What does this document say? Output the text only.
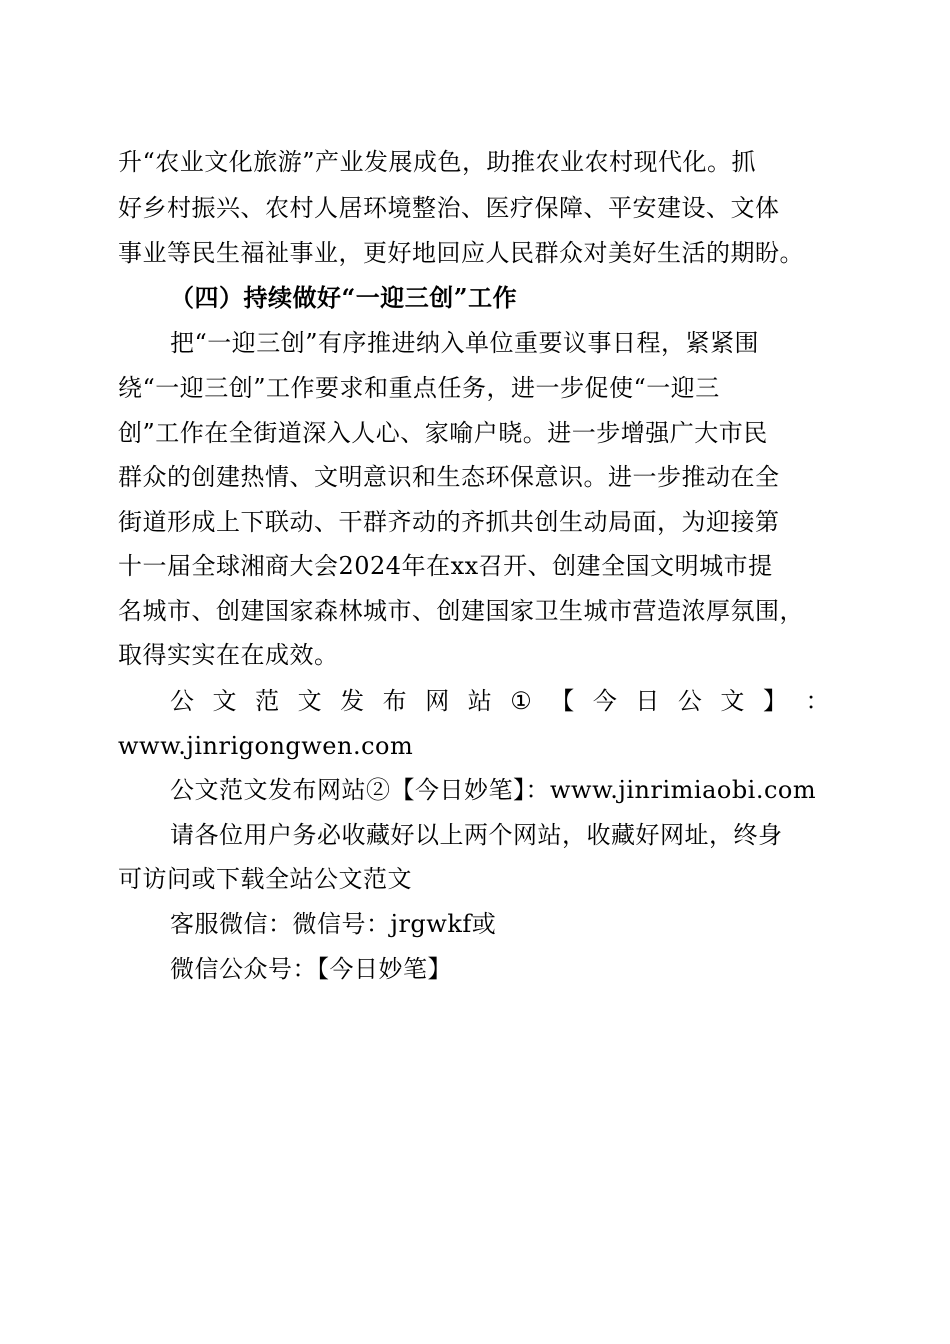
升“农业文化旅游”产业发展成色，助推农业农村现代化。抓
好乡村振兴、农村人居环境整治、医疗保障、平安建设、文体
事业等民生福祉事业，更好地回应人民群众对美好生活的期盼。
（四）持续做好“一迎三创”工作
把“一迎三创”有序推进纳入单位重要议事日程，紧紧围
绕“一迎三创”工作要求和重点任务，进一步促使“一迎三
创”工作在全街道深入人心、家喻户晓。进一步增强广大市民
群众的创建热情、文明意识和生态环保意识。进一步推动在全
街道形成上下联动、干群齐动的齐抓共创生动局面，为迎接第
十一届全球湘商大会2024年在xx召开、创建全国文明城市提
名城市、创建国家森林城市、创建国家卫生城市营造浓厚氛围，
取得实实在在成效。
公 文 范 文 发 布 网 站 ① 【 今 日 公 文 】 ：
www.jinrigongwen.com
公文范文发布网站②【今日妙笔】：www.jinrimiaobi.com
请各位用户务必收藏好以上两个网站，收藏好网址，终身
可访问或下载全站公文范文
客服微信：微信号：jrgwkf或
微信公众号：【今日妙笔】
